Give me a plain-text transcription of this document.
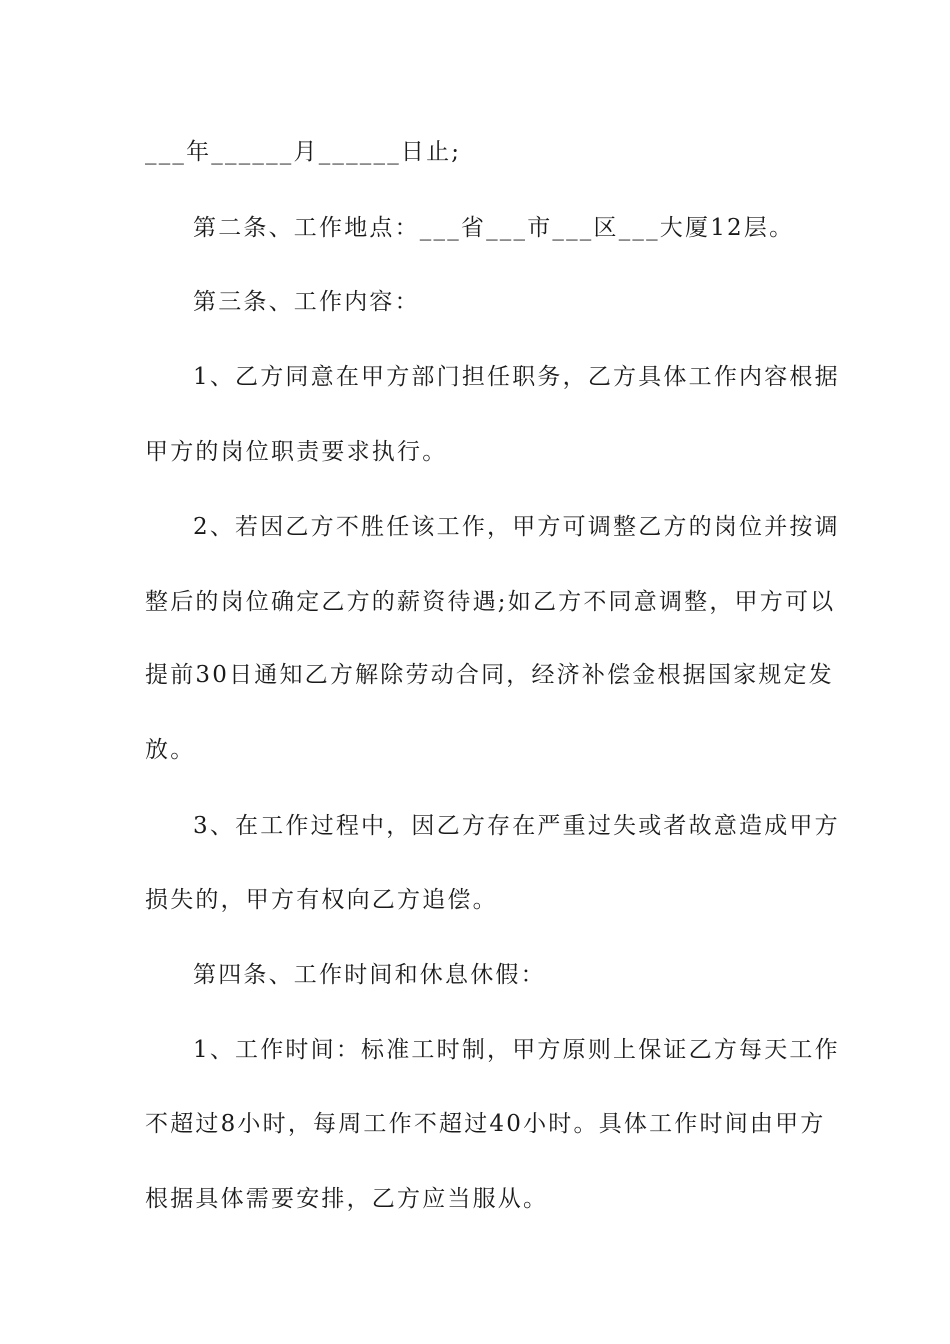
___年______月______日止;
第二条、工作地点：___省___市___区___大厦12层。
第三条、工作内容：
1、乙方同意在甲方部门担任职务，乙方具体工作内容根据
甲方的岗位职责要求执行。
2、若因乙方不胜任该工作，甲方可调整乙方的岗位并按调
整后的岗位确定乙方的薪资待遇;如乙方不同意调整，甲方可以
提前30日通知乙方解除劳动合同，经济补偿金根据国家规定发
放。
3、在工作过程中，因乙方存在严重过失或者故意造成甲方
损失的，甲方有权向乙方追偿。
第四条、工作时间和休息休假：
1、工作时间：标准工时制，甲方原则上保证乙方每天工作
不超过8小时，每周工作不超过40小时。具体工作时间由甲方
根据具体需要安排，乙方应当服从。
